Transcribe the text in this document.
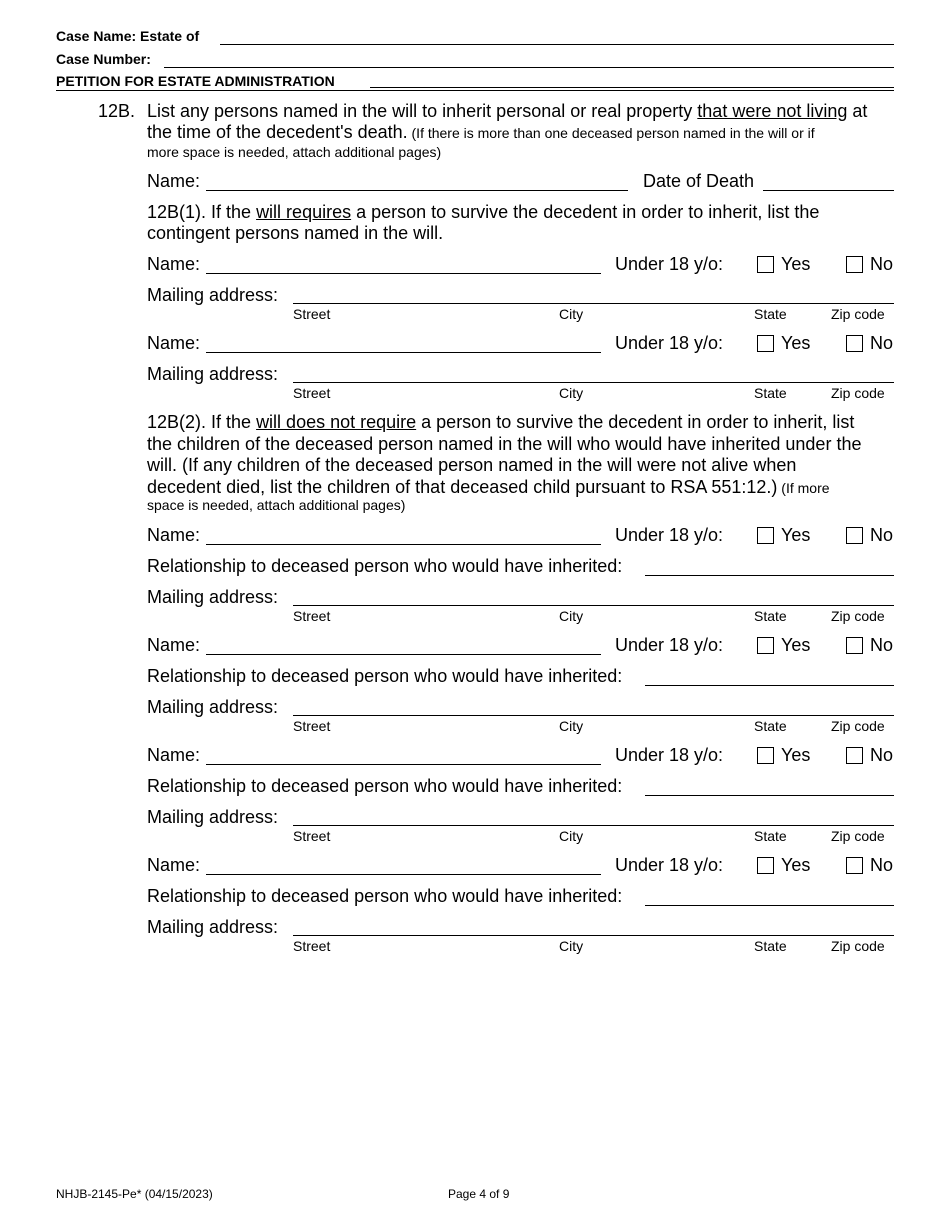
Case Name: Estate of
Case Number:
PETITION FOR ESTATE ADMINISTRATION
12B. List any persons named in the will to inherit personal or real property that were not living at
the time of the decedent's death. (If there is more than one deceased person named in the will or if
more space is needed, attach additional pages)
Name:	Date of Death
12B(1). If the will requires a person to survive the decedent in order to inherit, list the
contingent persons named in the will.
Name:	Under 18 y/o:	Yes	No
Mailing address:
Street	City	State	Zip code
Name:	Under 18 y/o:	Yes	No
Mailing address:
Street	City	State	Zip code
12B(2). If the will does not require a person to survive the decedent in order to inherit, list
the children of the deceased person named in the will who would have inherited under the
will. (If any children of the deceased person named in the will were not alive when
decedent died, list the children of that deceased child pursuant to RSA 551:12.) (If more
space is needed, attach additional pages)
Name:	Under 18 y/o:	Yes	No
Relationship to deceased person who would have inherited:
Mailing address:
Street	City	State	Zip code
Name:	Under 18 y/o:	Yes	No
Relationship to deceased person who would have inherited:
Mailing address:
Street	City	State	Zip code
Name:	Under 18 y/o:	Yes	No
Relationship to deceased person who would have inherited:
Mailing address:
Street	City	State	Zip code
Name:	Under 18 y/o:	Yes	No
Relationship to deceased person who would have inherited:
Mailing address:
Street	City	State	Zip code
NHJB-2145-Pe* (04/15/2023)	Page 4 of 9
